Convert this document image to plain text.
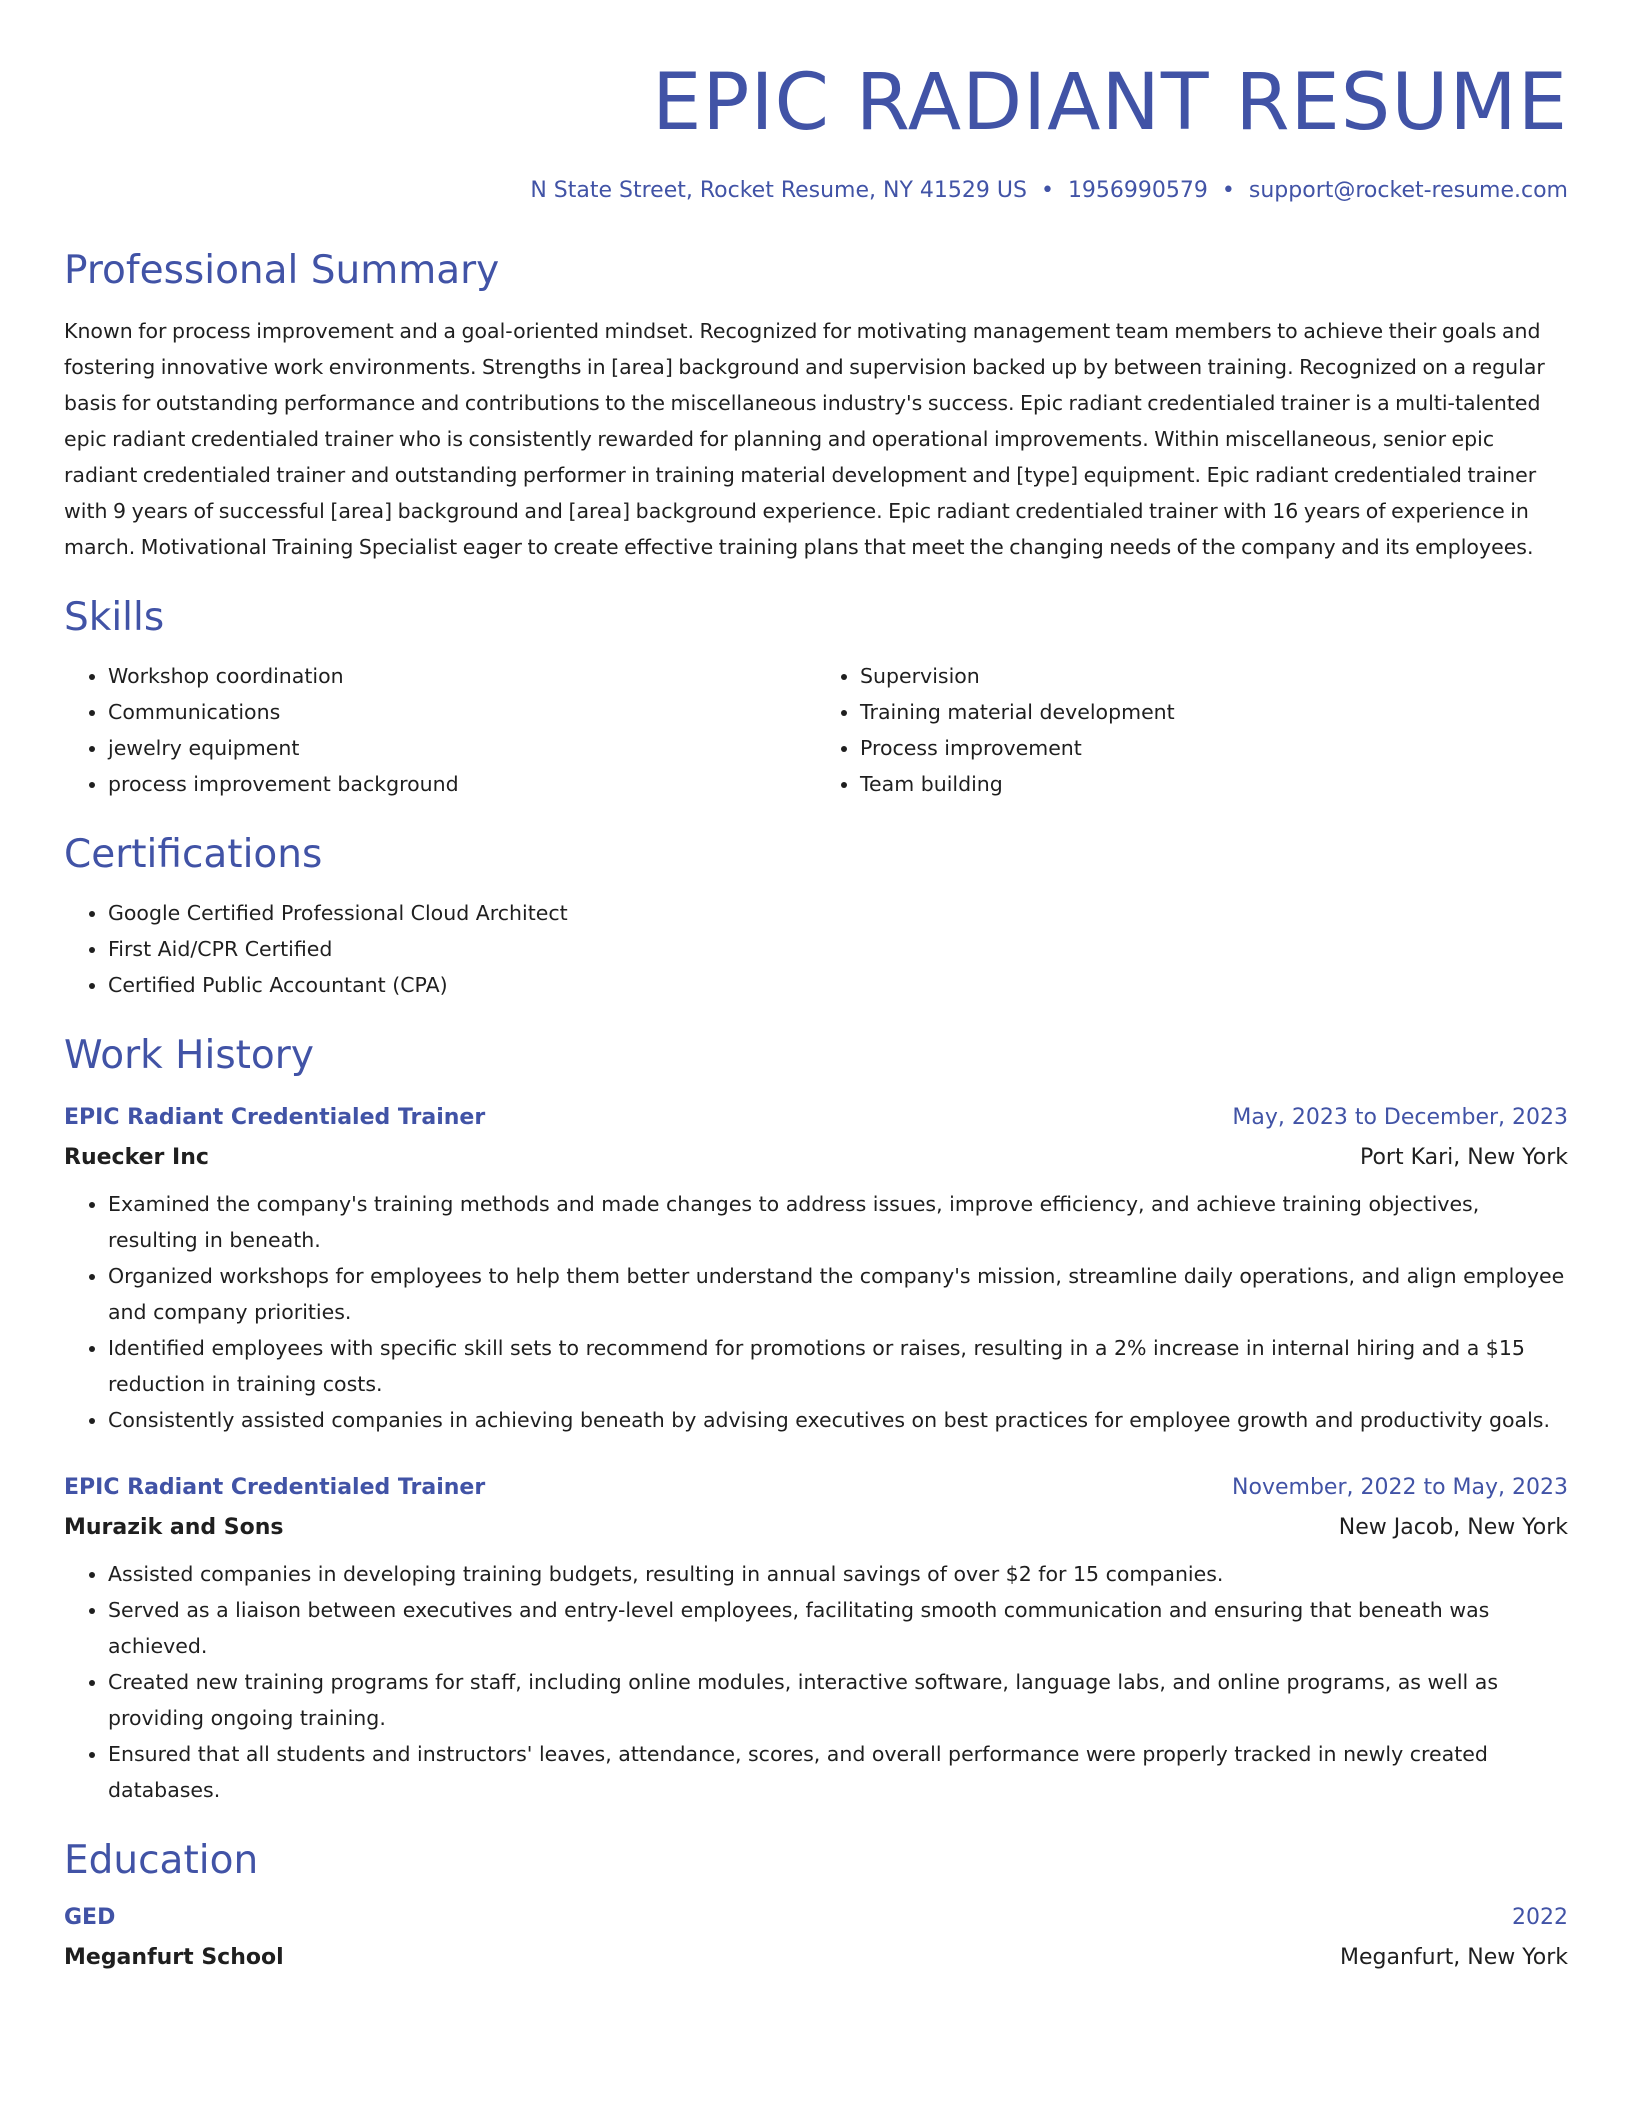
EPIC RADIANT RESUME
N State Street, Rocket Resume, NY 41529 US • 1956990579 • support@rocket-resume.com
Professional Summary

Known for process improvement and a goal-oriented mindset. Recognized for motivating management team members to achieve their goals and fostering innovative work environments. Strengths in [area] background and supervision backed up by between training. Recognized on a regular basis for outstanding performance and contributions to the miscellaneous industry's success. Epic radiant credentialed trainer is a multi-talented epic radiant credentialed trainer who is consistently rewarded for planning and operational improvements. Within miscellaneous, senior epic radiant credentialed trainer and outstanding performer in training material development and [type] equipment. Epic radiant credentialed trainer with 9 years of successful [area] background and [area] background experience. Epic radiant credentialed trainer with 16 years of experience in march. Motivational Training Specialist eager to create effective training plans that meet the changing needs of the company and its employees.

Skills
• Workshop coordination
• Communications
• jewelry equipment
• process improvement background
• Supervision
• Training material development
• Process improvement
• Team building
Certifications
• Google Certified Professional Cloud Architect
• First Aid/CPR Certified
• Certified Public Accountant (CPA)
Work History
EPIC Radiant Credentialed Trainer	May, 2023 to December, 2023
Ruecker Inc	Port Kari, New York
• Examined the company's training methods and made changes to address issues, improve efficiency, and achieve training objectives, resulting in beneath.
• Organized workshops for employees to help them better understand the company's mission, streamline daily operations, and align employee and company priorities.
• Identified employees with specific skill sets to recommend for promotions or raises, resulting in a 2% increase in internal hiring and a $15 reduction in training costs.
• Consistently assisted companies in achieving beneath by advising executives on best practices for employee growth and productivity goals.
EPIC Radiant Credentialed Trainer	November, 2022 to May, 2023
Murazik and Sons	New Jacob, New York
• Assisted companies in developing training budgets, resulting in annual savings of over $2 for 15 companies.
• Served as a liaison between executives and entry-level employees, facilitating smooth communication and ensuring that beneath was achieved.
• Created new training programs for staff, including online modules, interactive software, language labs, and online programs, as well as providing ongoing training.
• Ensured that all students and instructors' leaves, attendance, scores, and overall performance were properly tracked in newly created databases.
Education
GED	2022
Meganfurt School	Meganfurt, New York
